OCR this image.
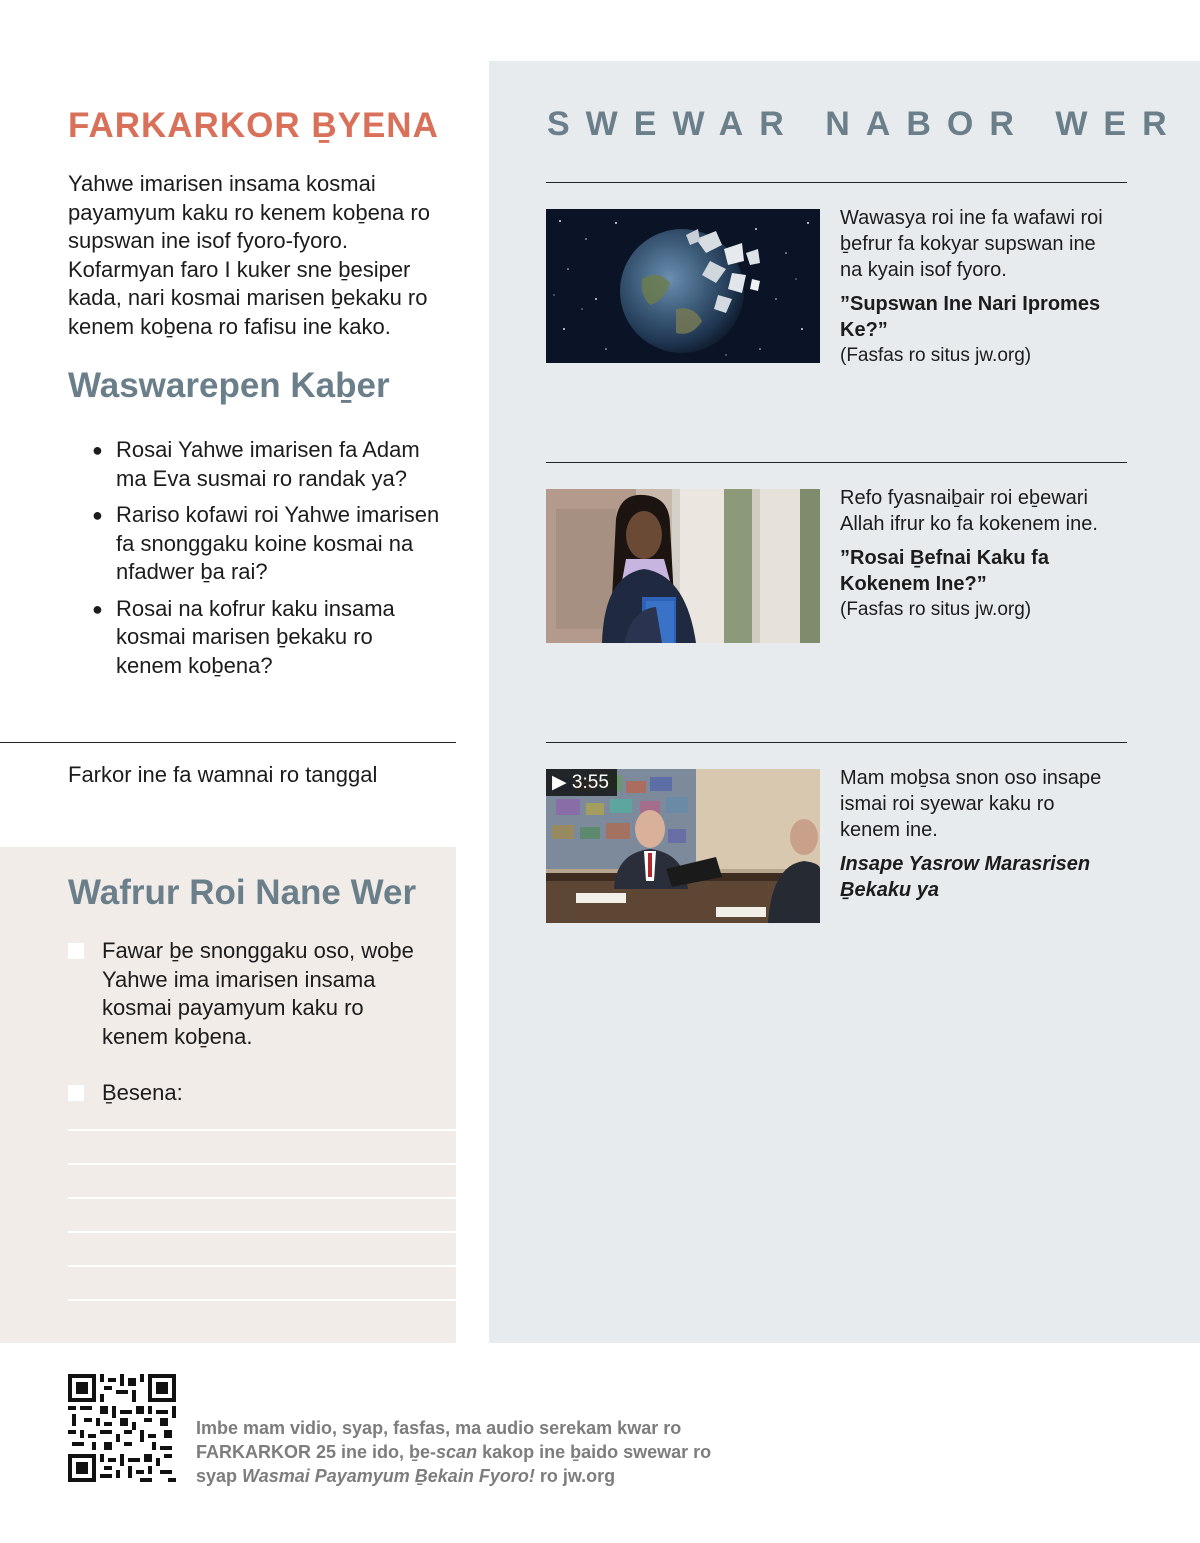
FARKARKOR ḆYENA

Yahwe imarisen insama kosmai payamyum kaku ro kenem koḇena ro supswan ine isof fyoro-fyoro. Kofarmyan faro I kuker sne ḇesiper kada, nari kosmai marisen ḇekaku ro kenem koḇena ro fafisu ine kako.

Waswarepen Kaḇer
● Rosai Yahwe imarisen fa Adam ma Eva susmai ro randak ya?
● Rariso kofawi roi Yahwe imarisen fa snonggaku koine kosmai na nfadwer ḇa rai?
● Rosai na kofrur kaku insama kosmai marisen ḇekaku ro kenem koḇena?
Farkor ine fa wamnai ro tanggal
Wafrur Roi Nane Wer
Fawar ḇe snonggaku oso, woḇe Yahwe ima imarisen insama kosmai payamyum kaku ro kenem koḇena.
Ḇesena:
SWEWAR NABOR WER
Wawasya roi ine fa wafawi roi ḇefrur fa kokyar supswan ine na kyain isof fyoro.
”Supswan Ine Nari Ipromes Ke?”
(Fasfas ro situs jw.org)
Refo fyasnaiḇair roi eḇewari Allah ifrur ko fa kokenem ine.
”Rosai Ḇefnai Kaku fa Kokenem Ine?”
(Fasfas ro situs jw.org)
▶ 3:55	Mam moḇsa snon oso insape ismai roi syewar kaku ro kenem ine.
Insape Yasrow Marasrisen Ḇekaku ya

Imbe mam vidio, syap, fasfas, ma audio serekam kwar ro FARKARKOR 25 ine ido, ḇe-scan kakop ine ḇaido swewar ro syap Wasmai Payamyum Ḇekain Fyoro! ro jw.org
